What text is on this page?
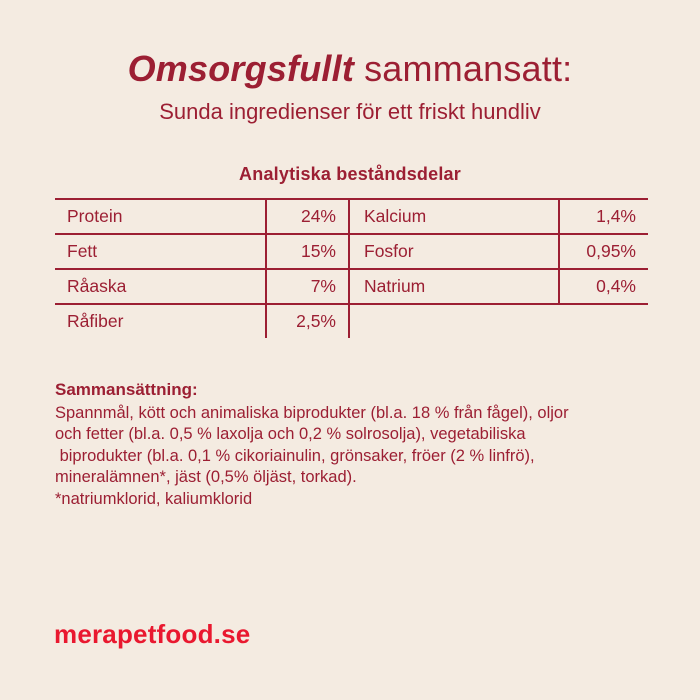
Omsorgsfullt sammansatt:
Sunda ingredienser för ett friskt hundliv
Analytiska beståndsdelar
Protein	24%	Kalcium	1,4%
Fett	15%	Fosfor	0,95%
Råaska	7%	Natrium	0,4%
Råfiber	2,5%
Sammansättning:
Spannmål, kött och animaliska biprodukter (bl.a. 18 % från fågel), oljor
och fetter (bl.a. 0,5 % laxolja och 0,2 % solrosolja), vegetabiliska
biprodukter (bl.a. 0,1 % cikoriainulin, grönsaker, fröer (2 % linfrö),
mineralämnen*, jäst (0,5% öljäst, torkad).
*natriumklorid, kaliumklorid
merapetfood.se
